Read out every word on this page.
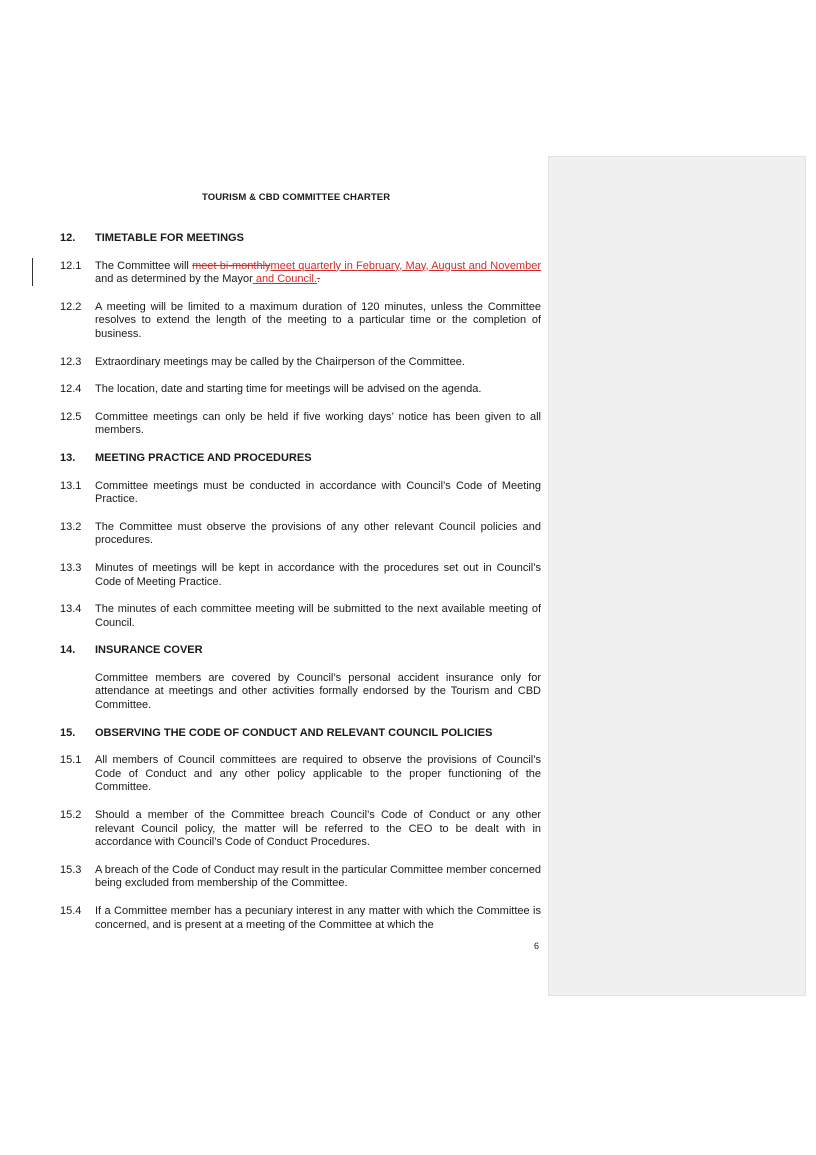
TOURISM & CBD COMMITTEE CHARTER
12.	TIMETABLE FOR MEETINGS
12.1	The Committee will meet bi-monthlymeet quarterly in February, May, August and November and as determined by the Mayor and Council..
12.2	A meeting will be limited to a maximum duration of 120 minutes, unless the Committee resolves to extend the length of the meeting to a particular time or the completion of business.
12.3	Extraordinary meetings may be called by the Chairperson of the Committee.
12.4	The location, date and starting time for meetings will be advised on the agenda.
12.5	Committee meetings can only be held if five working days’ notice has been given to all members.
13.	MEETING PRACTICE AND PROCEDURES
13.1	Committee meetings must be conducted in accordance with Council’s Code of Meeting Practice.
13.2	The Committee must observe the provisions of any other relevant Council policies and procedures.
13.3	Minutes of meetings will be kept in accordance with the procedures set out in Council’s Code of Meeting Practice.
13.4	The minutes of each committee meeting will be submitted to the next available meeting of Council.
14.	INSURANCE COVER
Committee members are covered by Council’s personal accident insurance only for attendance at meetings and other activities formally endorsed by the Tourism and CBD Committee.
15.	OBSERVING THE CODE OF CONDUCT AND RELEVANT COUNCIL POLICIES
15.1	All members of Council committees are required to observe the provisions of Council’s Code of Conduct and any other policy applicable to the proper functioning of the Committee.
15.2	Should a member of the Committee breach Council’s Code of Conduct or any other relevant Council policy, the matter will be referred to the CEO to be dealt with in accordance with Council’s Code of Conduct Procedures.
15.3	A breach of the Code of Conduct may result in the particular Committee member concerned being excluded from membership of the Committee.
15.4	If a Committee member has a pecuniary interest in any matter with which the Committee is concerned, and is present at a meeting of the Committee at which the
6
